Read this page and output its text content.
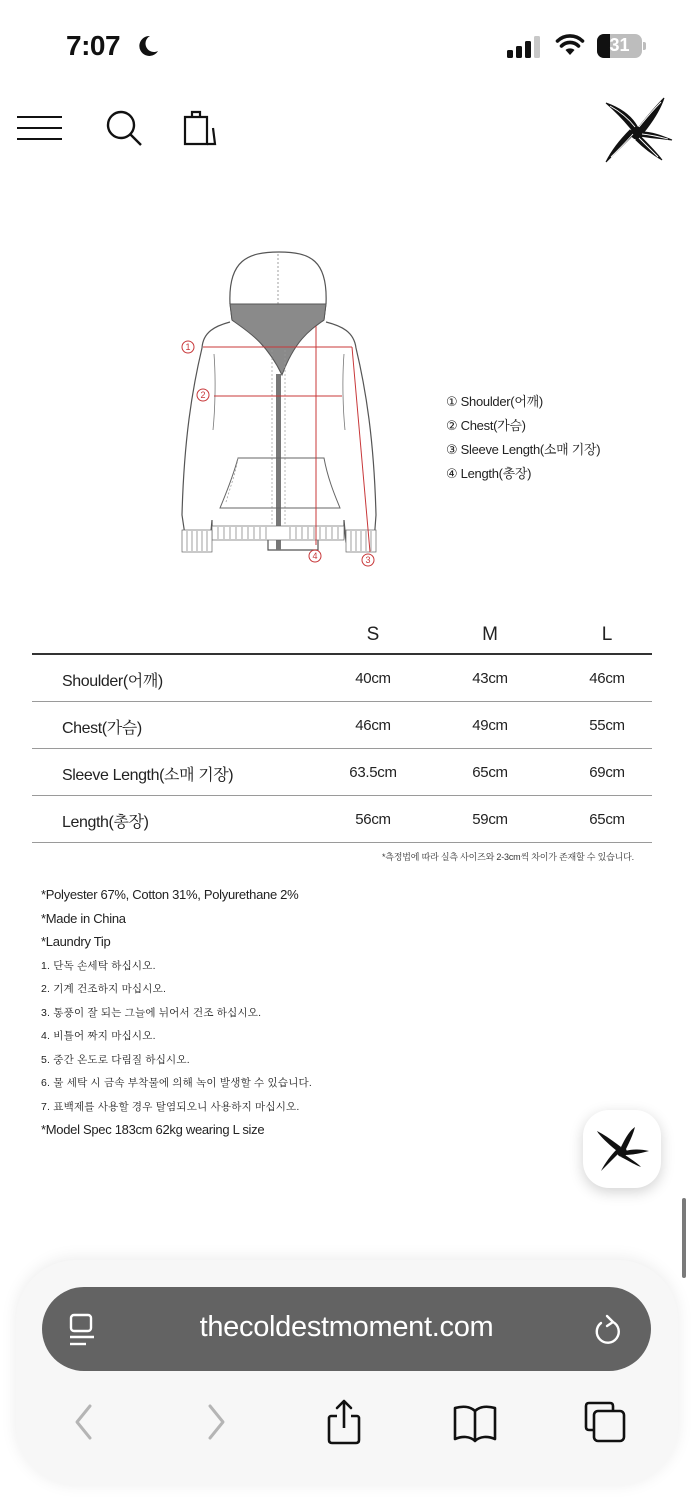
7:07	31
1
2
3
4
① Shoulder(어깨)
② Chest(가슴)
③ Sleeve Length(소매 기장)
④ Length(총장)
S	M	L
Shoulder(어깨)	40cm	43cm	46cm
Chest(가슴)	46cm	49cm	55cm
Sleeve Length(소매 기장)	63.5cm	65cm	69cm
Length(총장)	56cm	59cm	65cm
*측정법에 따라 실측 사이즈와 2-3cm씩 차이가 존재할 수 있습니다.
*Polyester 67%, Cotton 31%, Polyurethane 2%
*Made in China
*Laundry Tip
1. 단독 손세탁 하십시오.
2. 기계 건조하지 마십시오.
3. 통풍이 잘 되는 그늘에 뉘어서 건조 하십시오.
4. 비틀어 짜지 마십시오.
5. 중간 온도로 다림질 하십시오.
6. 물 세탁 시 금속 부착물에 의해 녹이 발생할 수 있습니다.
7. 표백제를 사용할 경우 탈염되오니 사용하지 마십시오.
*Model Spec 183cm 62kg wearing L size
thecoldestmoment.com
